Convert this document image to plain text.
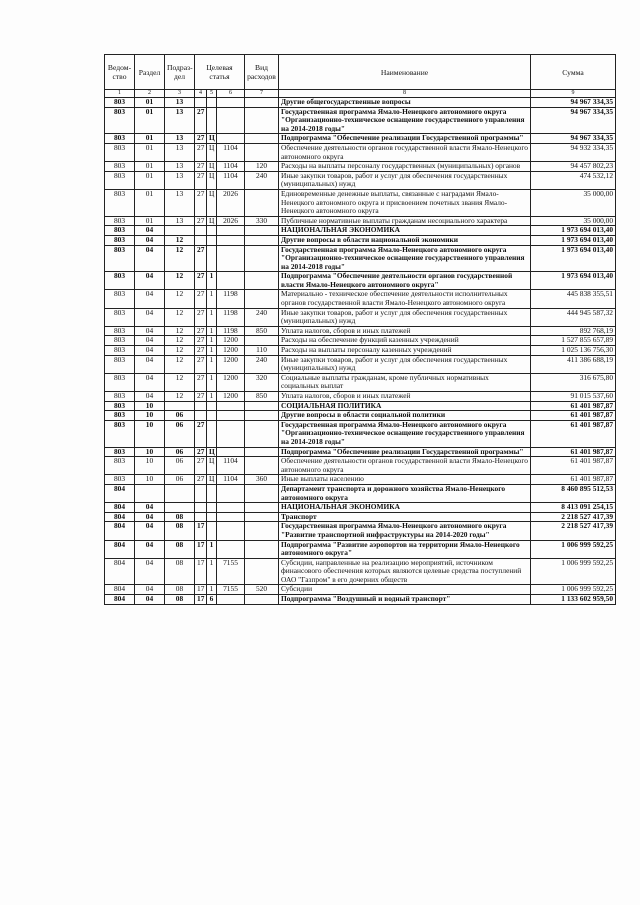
Ведом-ство	Раздел	Подраз-дел	Целевая статья			Вид расходов	Наименование	Сумма
1	2	3	4	5	6	7	8	9
803	01	13					Другие общегосударственные вопросы	94 967 334,35
803	01	13	27				Государственная программа Ямало-Ненецкого автономного округа "Организационно-техническое оснащение государственного управления на 2014-2018 годы"	94 967 334,35
803	01	13	27	Ц			Подпрограмма "Обеспечение реализации Государственной программы"	94 967 334,35
803	01	13	27	Ц	1104		Обеспечение деятельности органов государственной власти Ямало-Ненецкого автономного округа	94 932 334,35
803	01	13	27	Ц	1104	120	Расходы на выплаты персоналу государственных (муниципальных) органов	94 457 802,23
803	01	13	27	Ц	1104	240	Иные закупки товаров, работ и услуг для обеспечения государственных (муниципальных) нужд	474 532,12
803	01	13	27	Ц	2026		Единовременные денежные выплаты, связанные с наградами Ямало-Ненецкого автономного округа и присвоением почетных звания Ямало-Ненецкого автономного округа	35 000,00
803	01	13	27	Ц	2026	330	Публичные нормативные выплаты гражданам несоциального характера	35 000,00
803	04						НАЦИОНАЛЬНАЯ ЭКОНОМИКА	1 973 694 013,40
803	04	12					Другие вопросы в области национальной экономики	1 973 694 013,40
803	04	12	27				Государственная программа Ямало-Ненецкого автономного округа "Организационно-техническое оснащение государственного управления на 2014-2018 годы"	1 973 694 013,40
803	04	12	27	1			Подпрограмма "Обеспечение деятельности органов государственной власти Ямало-Ненецкого автономного округа"	1 973 694 013,40
803	04	12	27	1	1198		Материально - техническое обеспечение деятельности исполнительных органов государственной власти Ямало-Ненецкого автономного округа	445 838 355,51
803	04	12	27	1	1198	240	Иные закупки товаров, работ и услуг для обеспечения государственных (муниципальных) нужд	444 945 587,32
803	04	12	27	1	1198	850	Уплата налогов, сборов и иных платежей	892 768,19
803	04	12	27	1	1200		Расходы на обеспечение функций казенных учреждений	1 527 855 657,89
803	04	12	27	1	1200	110	Расходы на выплаты персоналу казенных учреждений	1 025 136 756,30
803	04	12	27	1	1200	240	Иные закупки товаров, работ и услуг для обеспечения государственных (муниципальных) нужд	411 386 688,19
803	04	12	27	1	1200	320	Социальные выплаты гражданам, кроме публичных нормативных социальных выплат	316 675,80
803	04	12	27	1	1200	850	Уплата налогов, сборов и иных платежей	91 015 537,60
803	10						СОЦИАЛЬНАЯ ПОЛИТИКА	61 401 987,87
803	10	06					Другие вопросы в области социальной политики	61 401 987,87
803	10	06	27				Государственная программа Ямало-Ненецкого автономного округа "Организационно-техническое оснащение государственного управления на 2014-2018 годы"	61 401 987,87
803	10	06	27	Ц			Подпрограмма "Обеспечение реализации Государственной программы"	61 401 987,87
803	10	06	27	Ц	1104		Обеспечение деятельности органов государственной власти Ямало-Ненецкого автономного округа	61 401 987,87
803	10	06	27	Ц	1104	360	Иные выплаты населению	61 401 987,87
804							Департамент транспорта и дорожного хозяйства Ямало-Ненецкого автономного округа	8 460 895 512,53
804	04						НАЦИОНАЛЬНАЯ ЭКОНОМИКА	8 413 091 254,15
804	04	08					Транспорт	2 218 527 417,39
804	04	08	17				Государственная программа Ямало-Ненецкого автономного округа "Развитие транспортной инфраструктуры на 2014-2020 годы"	2 218 527 417,39
804	04	08	17	1			Подпрограмма "Развитие аэропортов на территории Ямало-Ненецкого автономного округа"	1 006 999 592,25
804	04	08	17	1	7155		Субсидии, направленные на реализацию мероприятий, источником финансового обеспечения которых являются целевые средства поступлений ОАО "Газпром" в его дочерних обществ	1 006 999 592,25
804	04	08	17	1	7155	520	Субсидии	1 006 999 592,25
804	04	08	17	6			Подпрограмма "Воздушный и водный транспорт"	1 133 602 959,50
